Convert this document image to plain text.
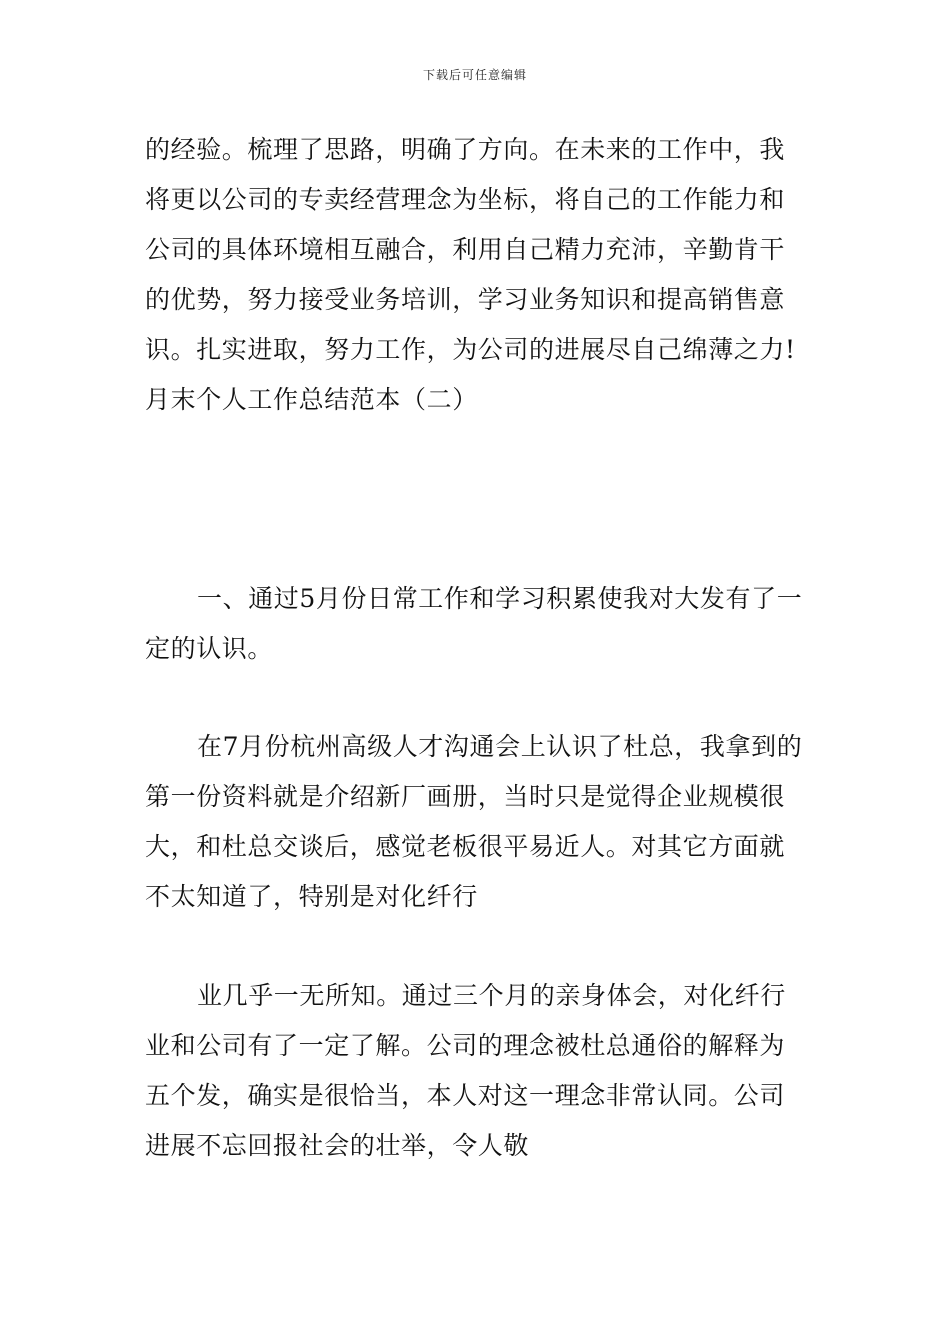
下载后可任意编辑

的经验。梳理了思路，明确了方向。在未来的工作中，我
将更以公司的专卖经营理念为坐标，将自己的工作能力和
公司的具体环境相互融合，利用自己精力充沛，辛勤肯干
的优势，努力接受业务培训，学习业务知识和提高销售意
识。扎实进取，努力工作，为公司的进展尽自己绵薄之力!

月末个人工作总结范本（二）

一、通过5月份日常工作和学习积累使我对大发有了一
定的认识。

在7月份杭州高级人才沟通会上认识了杜总，我拿到的
第一份资料就是介绍新厂画册，当时只是觉得企业规模很
大，和杜总交谈后，感觉老板很平易近人。对其它方面就
不太知道了，特别是对化纤行

业几乎一无所知。通过三个月的亲身体会，对化纤行
业和公司有了一定了解。公司的理念被杜总通俗的解释为
五个发，确实是很恰当，本人对这一理念非常认同。公司
进展不忘回报社会的壮举，令人敬
